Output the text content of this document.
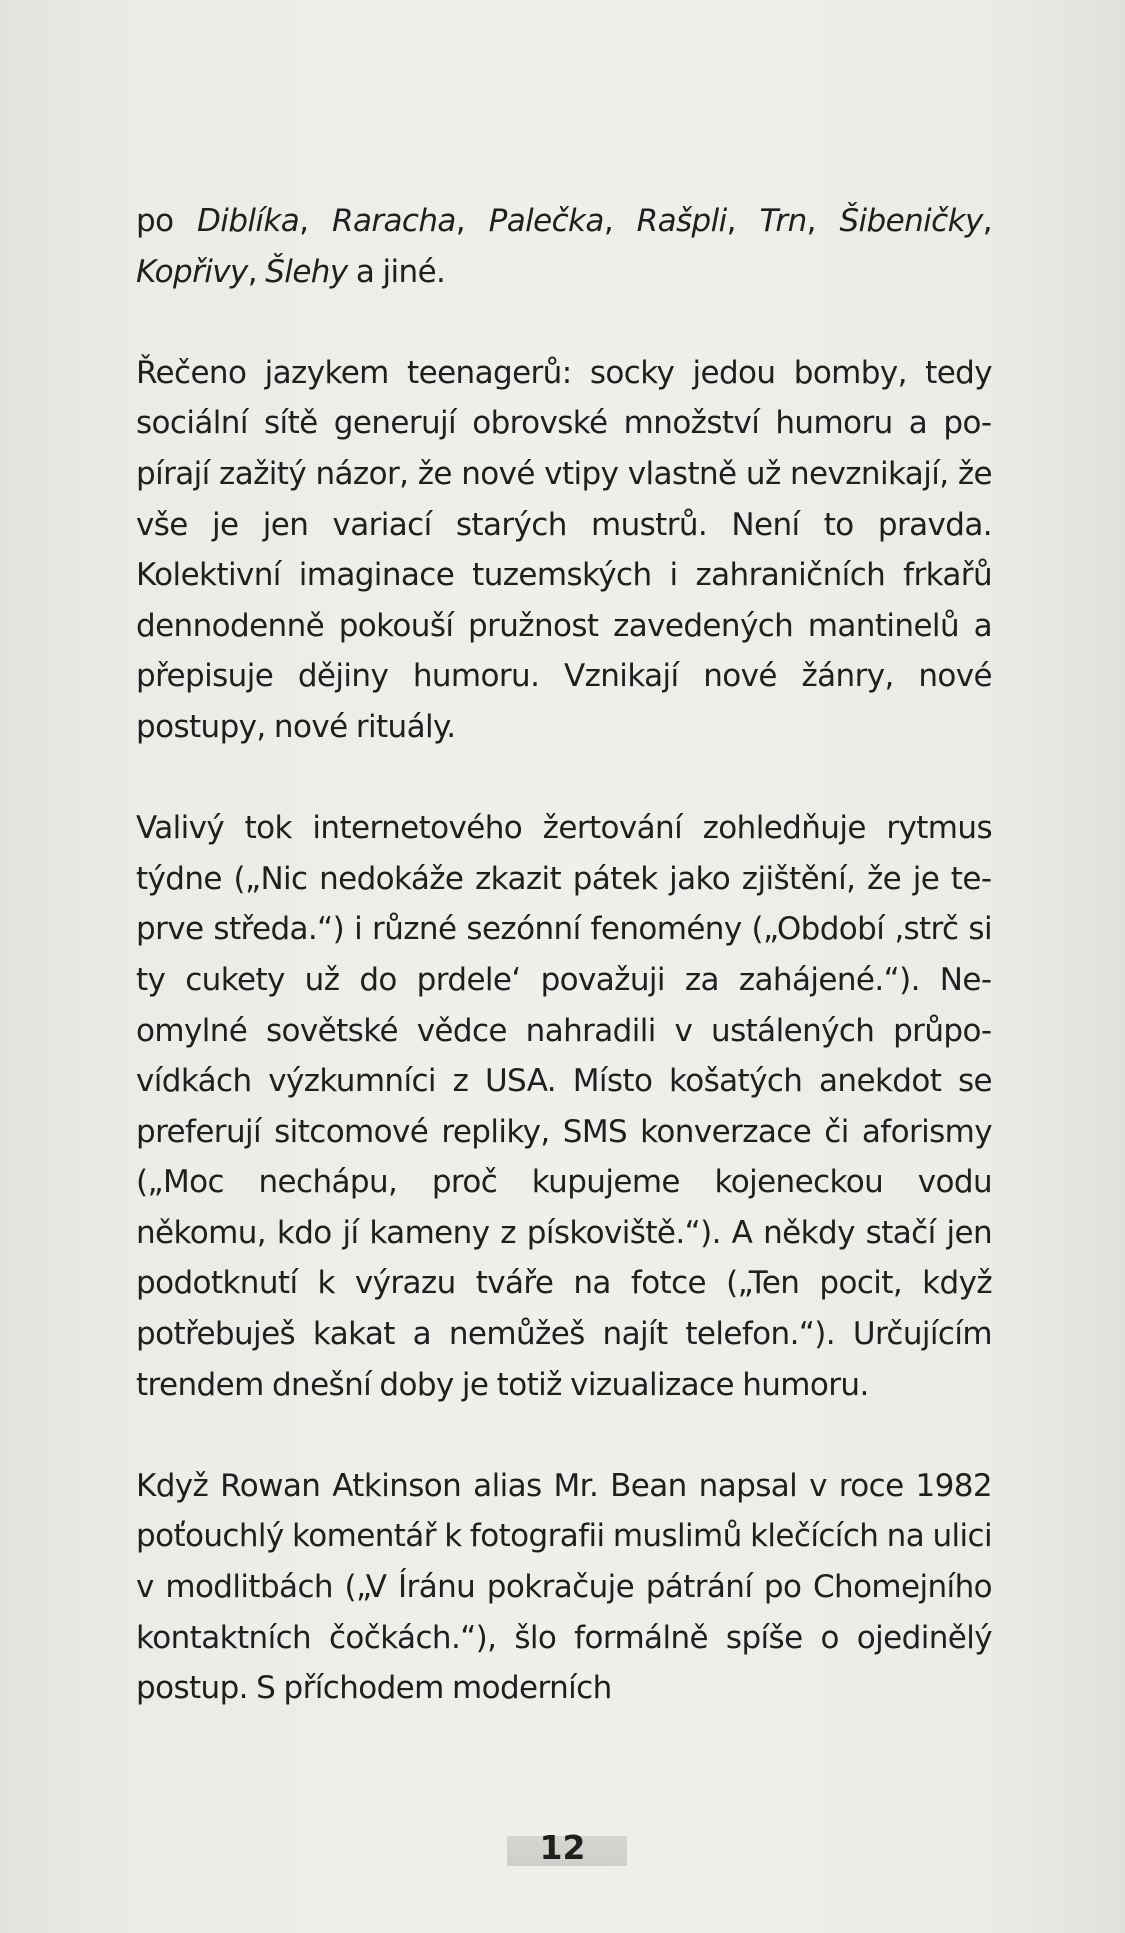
po Diblíka, Raracha, Palečka, Rašpli, Trn, Šibeničky, Kopřivy, Šlehy a jiné.

Řečeno jazykem teenagerů: socky jedou bomby, tedy sociální sítě generují obrovské množství humoru a popírají zažitý názor, že nové vtipy vlastně už nevznikají, že vše je jen variací starých mustrů. Není to pravda. Kolektivní imaginace tuzemských i zahraničních frkařů dennodenně pokouší pružnost zavedených mantinelů a přepisuje dějiny humoru. Vznikají nové žánry, nové postupy, nové rituály.

Valivý tok internetového žertování zohledňuje rytmus týdne („Nic nedokáže zkazit pátek jako zjištění, že je teprve středa.“) i různé sezónní fenomény („Období ‚strč si ty cukety už do prdele‘ považuji za zahájené.“). Neomylné sovětské vědce nahradili v ustálených průpovídkách výzkumníci z USA. Místo košatých anekdot se preferují sitcomové repliky, SMS konverzace či aforismy („Moc nechápu, proč kupujeme kojeneckou vodu někomu, kdo jí kameny z pískoviště.“). A někdy stačí jen podotknutí k výrazu tváře na fotce („Ten pocit, když potřebuješ kakat a nemůžeš najít telefon.“). Určujícím trendem dnešní doby je totiž vizualizace humoru.

Když Rowan Atkinson alias Mr. Bean napsal v roce 1982 poťouchlý komentář k fotografii muslimů klečících na ulici v modlitbách („V Íránu pokračuje pátrání po Chomejního kontaktních čočkách.“), šlo formálně spíše o ojedinělý postup. S příchodem moderních

12
